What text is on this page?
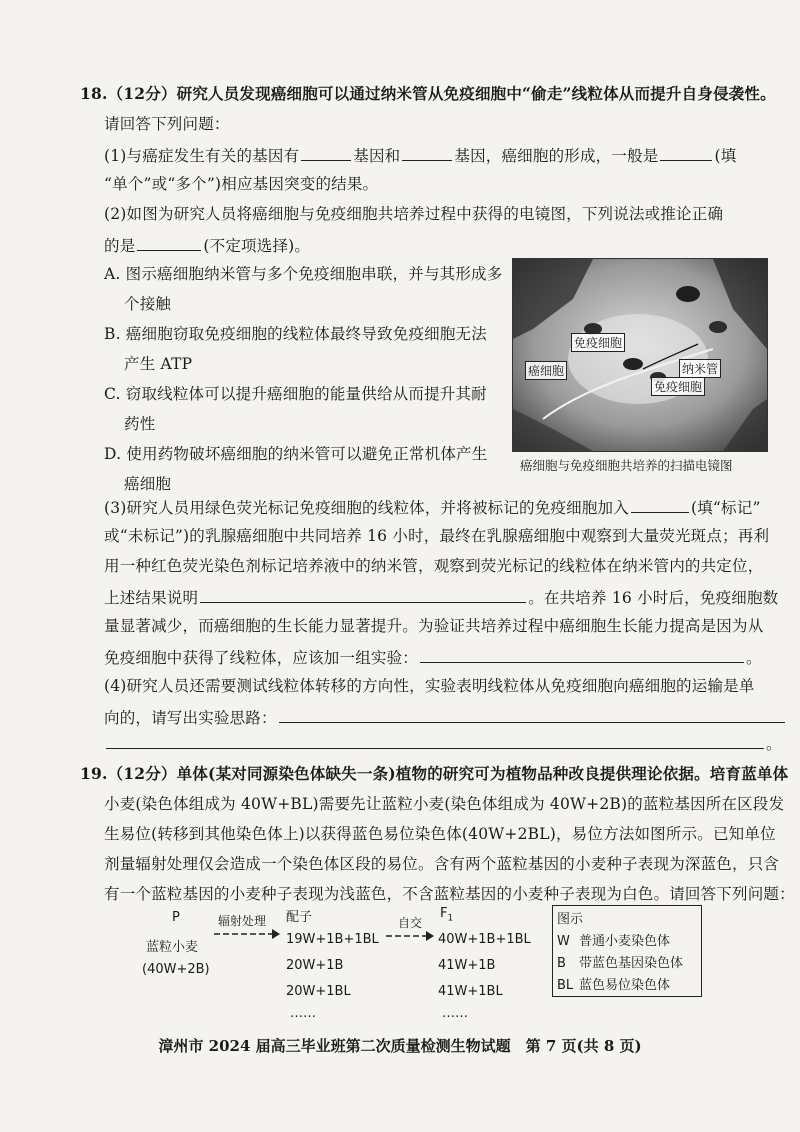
18.（12分）研究人员发现癌细胞可以通过纳米管从免疫细胞中“偷走”线粒体从而提升自身侵袭性。
请回答下列问题：
(1)与癌症发生有关的基因有	基因和	基因，癌细胞的形成，一般是	(填
“单个”或“多个”)相应基因突变的结果。
(2)如图为研究人员将癌细胞与免疫细胞共培养过程中获得的电镜图，下列说法或推论正确
的是	(不定项选择)。
A. 图示癌细胞纳米管与多个免疫细胞串联，并与其形成多
个接触
B. 癌细胞窃取免疫细胞的线粒体最终导致免疫细胞无法
产生 ATP
C. 窃取线粒体可以提升癌细胞的能量供给从而提升其耐
药性
D. 使用药物破坏癌细胞的纳米管可以避免正常机体产生
癌细胞
免疫细胞
癌细胞	纳米管
免疫细胞
癌细胞与免疫细胞共培养的扫描电镜图
(3)研究人员用绿色荧光标记免疫细胞的线粒体，并将被标记的免疫细胞加入	(填“标记”
或“未标记”)的乳腺癌细胞中共同培养 16 小时，最终在乳腺癌细胞中观察到大量荧光斑点；再利
用一种红色荧光染色剂标记培养液中的纳米管，观察到荧光标记的线粒体在纳米管内的共定位，
上述结果说明	。在共培养 16 小时后，免疫细胞数
量显著减少，而癌细胞的生长能力显著提升。为验证共培养过程中癌细胞生长能力提高是因为从
免疫细胞中获得了线粒体，应该加一组实验：	。
(4)研究人员还需要测试线粒体转移的方向性，实验表明线粒体从免疫细胞向癌细胞的运输是单
向的，请写出实验思路：
。
19.（12分）单体(某对同源染色体缺失一条)植物的研究可为植物品种改良提供理论依据。培育蓝单体
小麦(染色体组成为 40W+BL)需要先让蓝粒小麦(染色体组成为 40W+2B)的蓝粒基因所在区段发
生易位(转移到其他染色体上)以获得蓝色易位染色体(40W+2BL)，易位方法如图所示。已知单位
剂量辐射处理仅会造成一个染色体区段的易位。含有两个蓝粒基因的小麦种子表现为深蓝色，只含
有一个蓝粒基因的小麦种子表现为浅蓝色，不含蓝粒基因的小麦种子表现为白色。请回答下列问题：
P
蓝粒小麦
(40W+2B)
辐射处理 配子
19W+1B+1BL
20W+1B
20W+1BL
……
自交
$F_1$
40W+1B+1BL
41W+1B
41W+1BL
……
图示
W 普通小麦染色体
B 带蓝色基因染色体
BL 蓝色易位染色体
漳州市 2024 届高三毕业班第二次质量检测生物试题　第 7 页(共 8 页)
